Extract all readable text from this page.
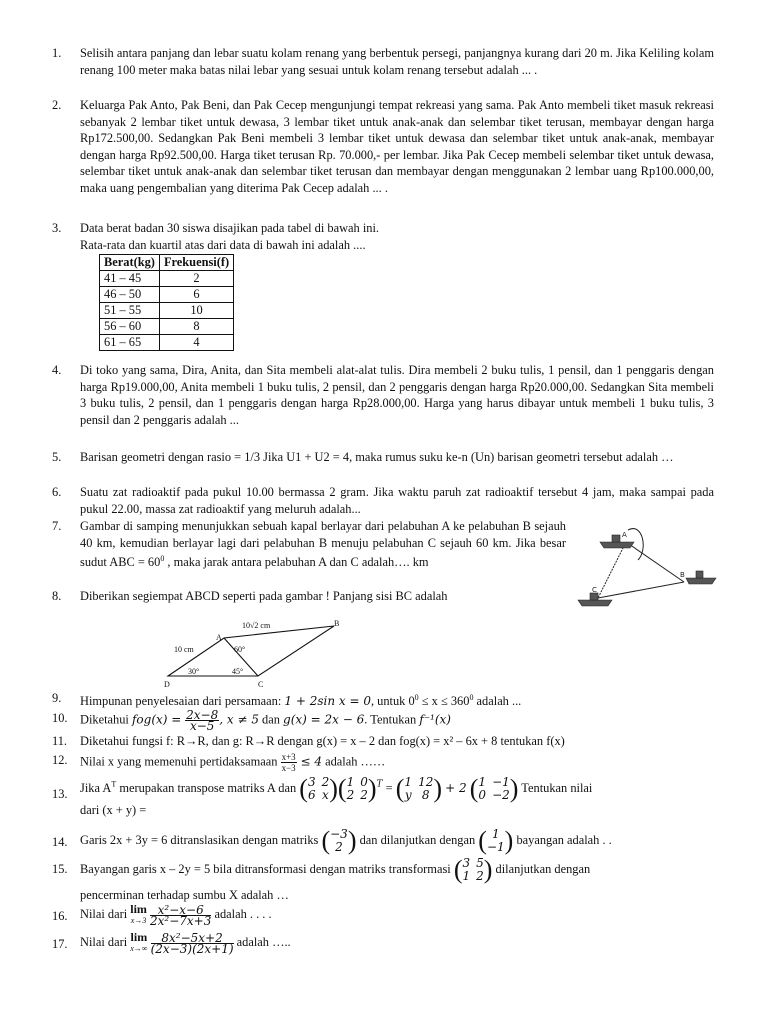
1.	Selisih antara panjang dan lebar suatu kolam renang yang berbentuk persegi, panjangnya kurang dari 20 m. Jika Keliling kolam renang 100 meter maka batas nilai lebar yang sesuai untuk kolam renang tersebut adalah ... .
2.	Keluarga Pak Anto, Pak Beni, dan Pak Cecep mengunjungi tempat rekreasi yang sama. Pak Anto membeli tiket masuk rekreasi sebanyak 2 lembar tiket untuk dewasa, 3 lembar tiket untuk anak-anak dan selembar tiket terusan, membayar dengan harga Rp172.500,00. Sedangkan Pak Beni membeli 3 lembar tiket untuk dewasa dan selembar tiket untuk anak-anak, membayar dengan harga Rp92.500,00. Harga tiket terusan Rp. 70.000,- per lembar. Jika Pak Cecep membeli selembar tiket untuk dewasa, selembar tiket untuk anak-anak dan selembar tiket terusan dan membayar dengan menggunakan 2 lembar uang Rp100.000,00, maka uang pengembalian yang diterima Pak Cecep adalah ... .
3.	Data berat badan 30 siswa disajikan pada tabel di bawah ini.
Rata-rata dan kuartil atas dari data di bawah ini adalah ....
Berat(kg)	Frekuensi(f)
41 – 45	2
46 – 50	6
51 – 55	10
56 – 60	8
61 – 65	4
4.	Di toko yang sama, Dira, Anita, dan Sita membeli alat-alat tulis. Dira membeli 2 buku tulis, 1 pensil, dan 1 penggaris dengan harga Rp19.000,00, Anita membeli 1 buku tulis, 2 pensil, dan 2 penggaris dengan harga Rp20.000,00. Sedangkan Sita membeli 3 buku tulis, 2 pensil, dan 1 penggaris dengan harga Rp28.000,00. Harga yang harus dibayar untuk membeli 1 buku tulis, 3 pensil dan 2 penggaris adalah ...
5.	Barisan geometri dengan rasio = 1/3 Jika U1 + U2 = 4, maka rumus suku ke-n (Un) barisan geometri tersebut adalah …
6.	Suatu zat radioaktif pada pukul 10.00 bermassa 2 gram. Jika waktu paruh zat radioaktif tersebut 4 jam, maka sampai pada pukul 22.00, massa zat radioaktif yang meluruh adalah...
7.	Gambar di samping menunjukkan sebuah kapal berlayar dari pelabuhan A ke pelabuhan B sejauh 40 km, kemudian berlayar lagi dari pelabuhan B menuju pelabuhan C sejauh 60 km. Jika besar sudut ABC = $60^0$ , maka jarak antara pelabuhan A dan C adalah…. km
A
B
C
8.	Diberikan segiempat ABCD seperti pada gambar ! Panjang sisi BC adalah
10√2 cm
10 cm	60°
30°	45°
A
B
C
D
9.	Himpunan penyelesaian dari persamaan: 1 + 2sin x = 0, untuk $0^0 \le x \le 360^0$ adalah ...
10.	Diketahui $fog(x) = \frac{2x-8}{x-5}$ , x ≠ 5 dan g(x) = 2x − 6. Tentukan f⁻¹(x)
11.	Diketahui fungsi f: R→R, dan g: R→R dengan g(x) = x – 2 dan fog(x) = x² – 6x + 8 tentukan f(x)
12.	Nilai x yang memenuhi pertidaksamaan $\frac{x+3}{x-3} \le 4$ adalah ……
13.	Jika $A^T$ merupakan transpose matriks A dan ( 3 2
6 x ) ( 1 0
2 2 ) $^T$ = ( 1 12
y 8 ) + 2 ( 1 −1
0 −2 ) Tentukan nilai
dari (x + y) =
14.	Garis 2x + 3y = 6 ditranslasikan dengan matriks ( −3
2 ) dan dilanjutkan dengan ( 1
−1 ) bayangan adalah . .
15.	Bayangan garis x – 2y = 5 bila ditransformasi dengan matriks transformasi ( 3 5
1 2 ) dilanjutkan dengan
pencerminan terhadap sumbu X adalah …
16.	Nilai dari lim
x→3
$\frac{\text{x²−x−6}}{\text{2x²−7x+3}}$ adalah . . . .
17.	Nilai dari lim
x→∞
$\frac{\text{8x²−5x+2}}{(2x-3)(2x+1)}$ adalah …..
